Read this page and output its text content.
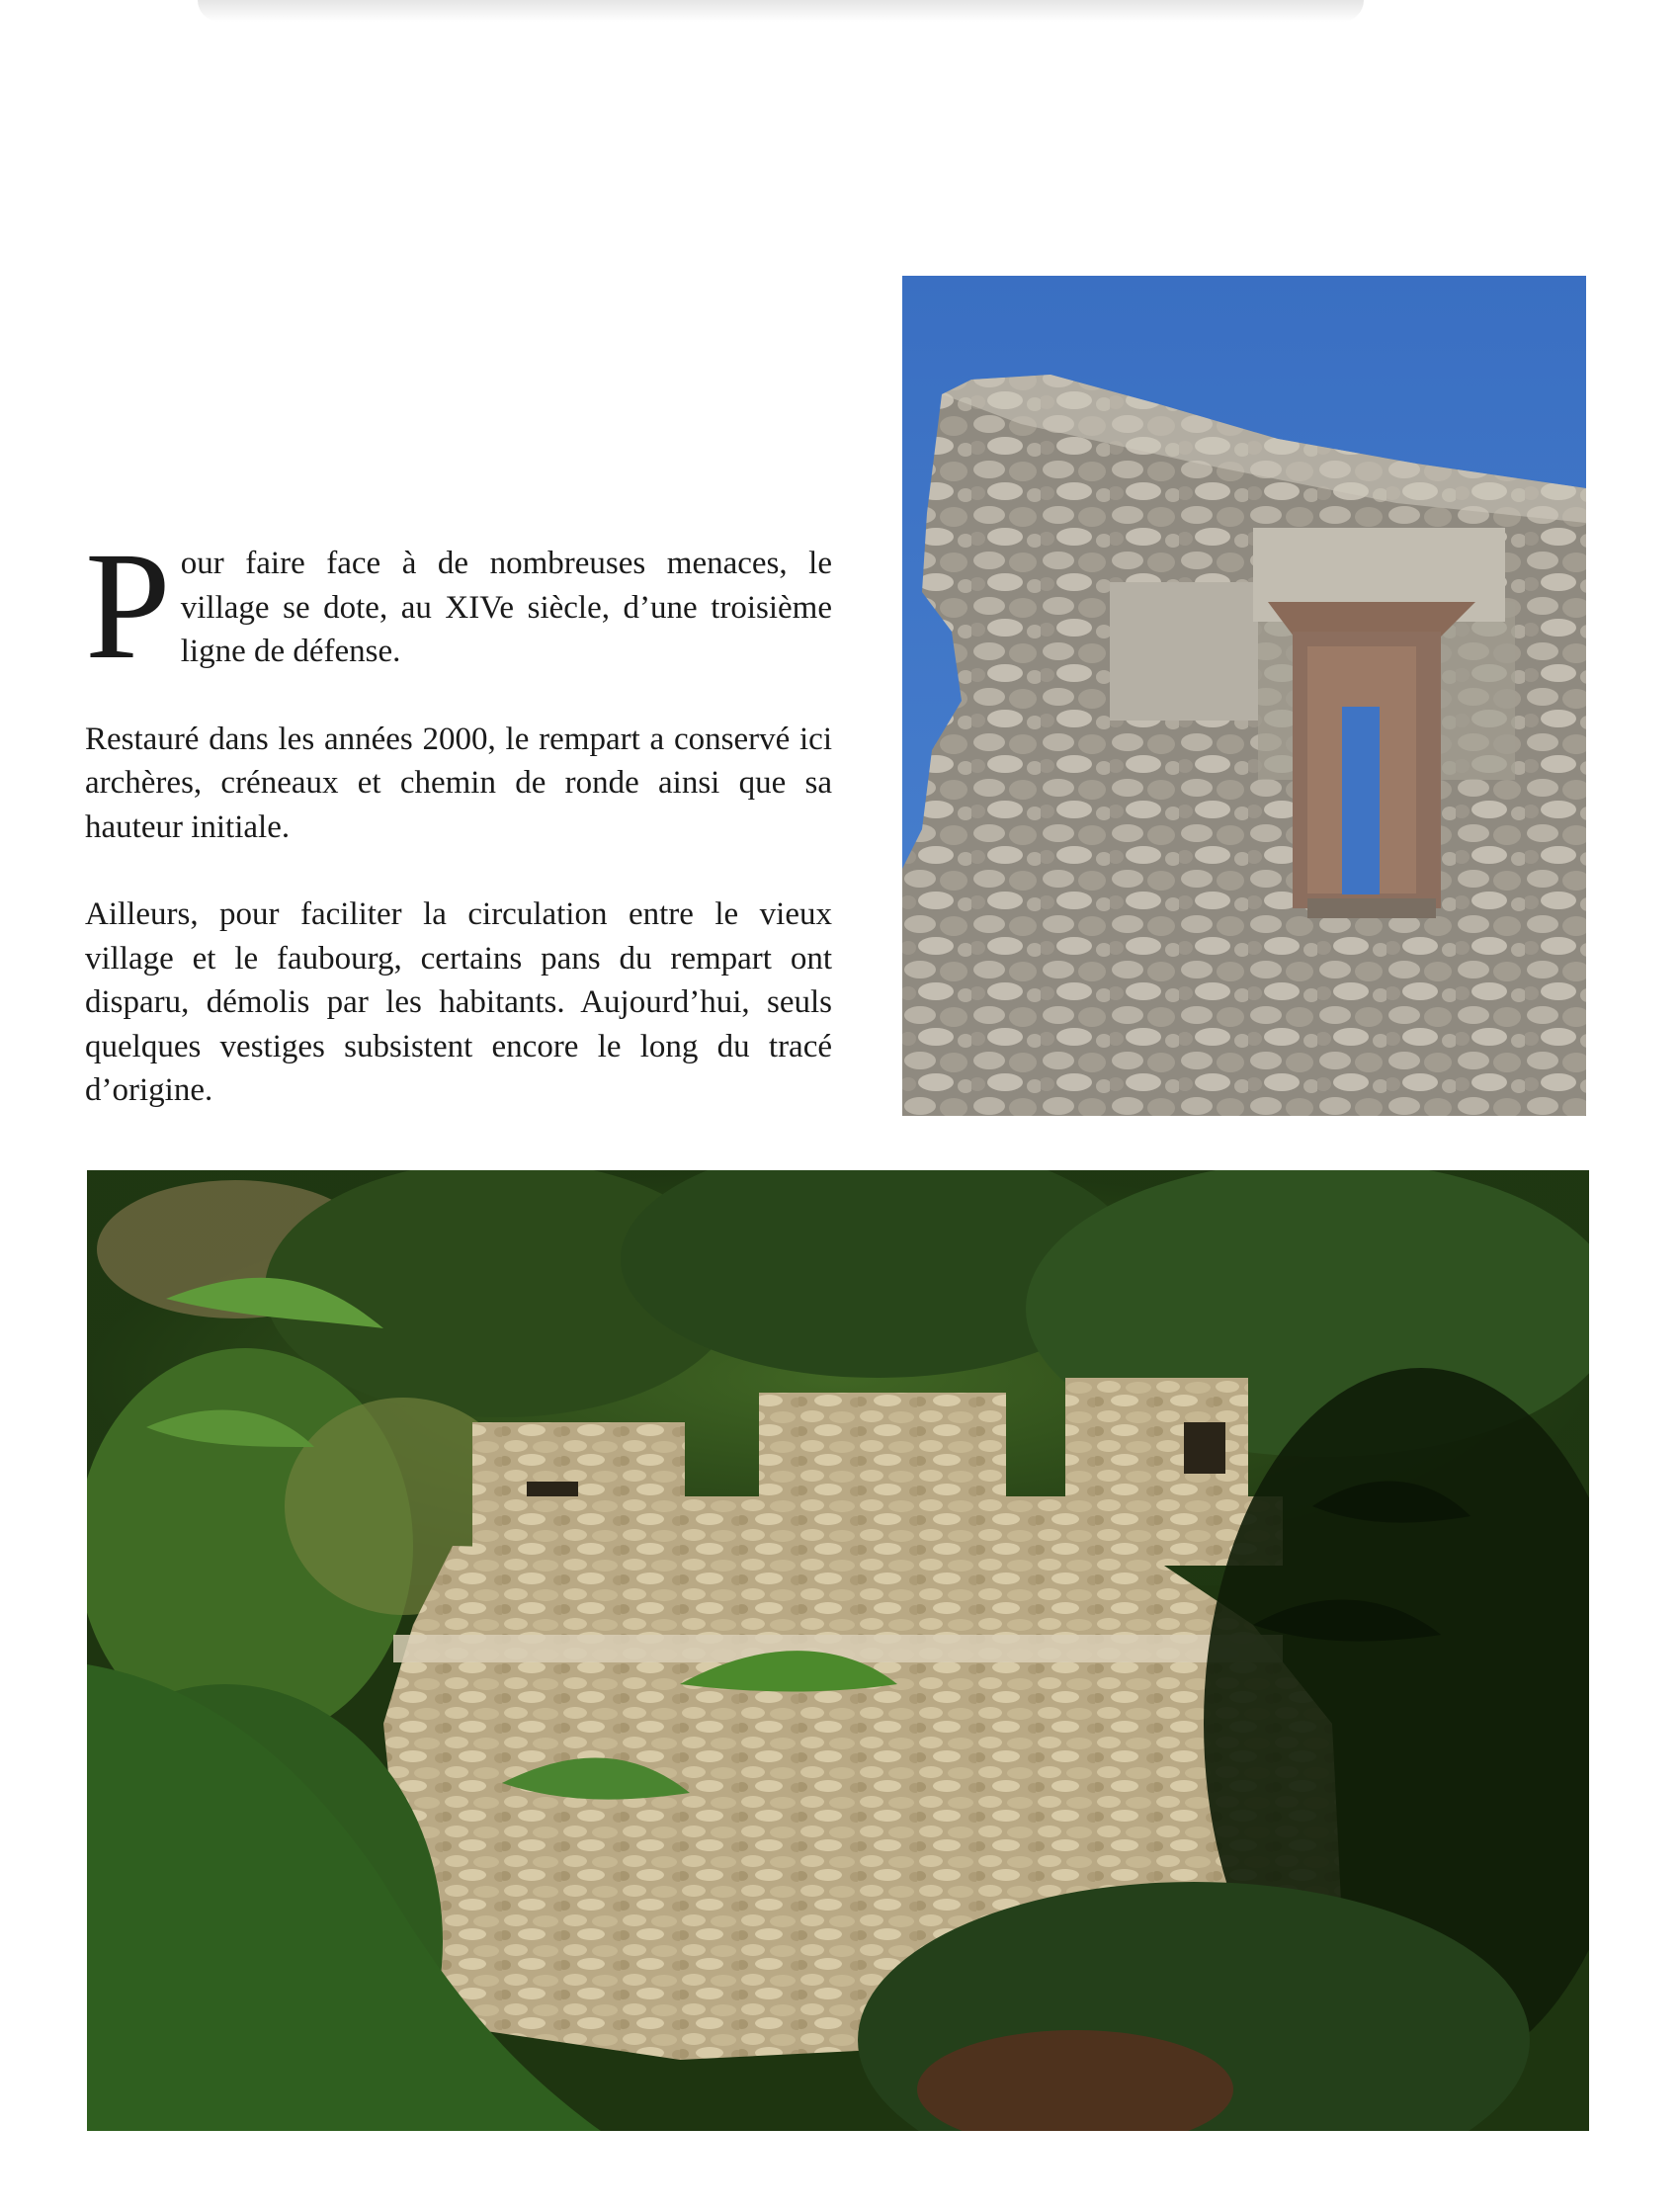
Pour faire face à de nombreuses menaces, le village se dote, au XIVe siècle, d’une troisième ligne de défense.

Restauré dans les années 2000, le rempart a conservé ici archères, créneaux et chemin de ronde ainsi que sa hauteur initiale.

Ailleurs, pour faciliter la circulation entre le vieux village et le faubourg, certains pans du rempart ont disparu, démolis par les habitants. Aujourd’hui, seuls quelques vestiges subsistent encore le long du tracé d’origine.
